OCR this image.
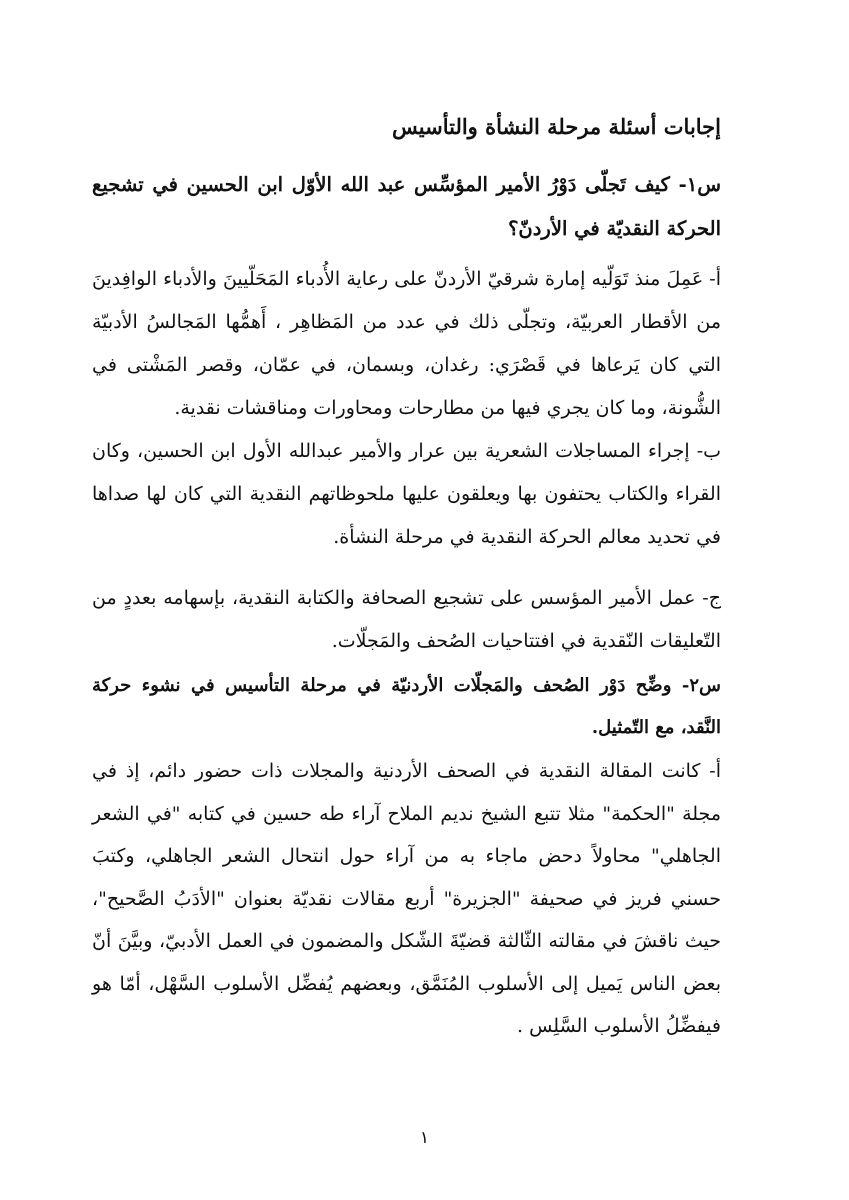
إجابات أسئلة مرحلة النشأة والتأسيس

س١- كيف تَجلّى دَوْرُ الأمير المؤسِّس عبد الله الأوّل ابن الحسين في تشجيع الحركة النقديّة في الأردنّ؟

أ- عَمِلَ منذ تَوَلّيه إمارة شرقيّ الأردنّ على رعاية الأُدباء المَحَلّيينَ والأدباء الوافِدينَ من الأقطار العربيّة، وتجلّى ذلك في عدد من المَظاهِر ، أَهمُّها المَجالسُ الأدبيّة التي كان يَرعاها في قَصْرَي: رغدان، وبسمان، في عمّان، وقصر المَشْتى في الشُّونة، وما كان يجري فيها من مطارحات ومحاورات ومناقشات نقدية.

ب- إجراء المساجلات الشعرية بين عرار والأمير عبدالله الأول ابن الحسين، وكان القراء والكتاب يحتفون بها ويعلقون عليها ملحوظاتهم النقدية التي كان لها صداها في تحديد معالم الحركة النقدية في مرحلة النشأة.

ج- عمل الأمير المؤسس على تشجيع الصحافة والكتابة النقدية، بإسهامه بعددٍ من التّعليقات النّقدية في افتتاحيات الصُحف والمَجلّات.

س٢- وضِّح دَوْر الصُحف والمَجلّات الأردنيّة في مرحلة التأسيس في نشوء حركة النَّقد، مع التّمثيل.

أ- كانت المقالة النقدية في الصحف الأردنية والمجلات ذات حضور دائم، إذ في مجلة "الحكمة" مثلا تتبع الشيخ نديم الملاح آراء طه حسين في كتابه "في الشعر الجاهلي" محاولاً دحض ماجاء به من آراء حول انتحال الشعر الجاهلي، وكتبَ حسني فريز في صحيفة "الجزيرة" أربع مقالات نقديّة بعنوان "الأدَبُ الصَّحيح"، حيث ناقشَ في مقالته الثّالثة قضيّةَ الشّكل والمضمون في العمل الأدبيّ، وبيَّنَ أنّ بعض الناس يَميل إلى الأسلوب المُنَمَّق، وبعضهم يُفضِّل الأسلوب السَّهْل، أمّا هو فيفضِّلُ الأسلوب السَّلِس .

١
